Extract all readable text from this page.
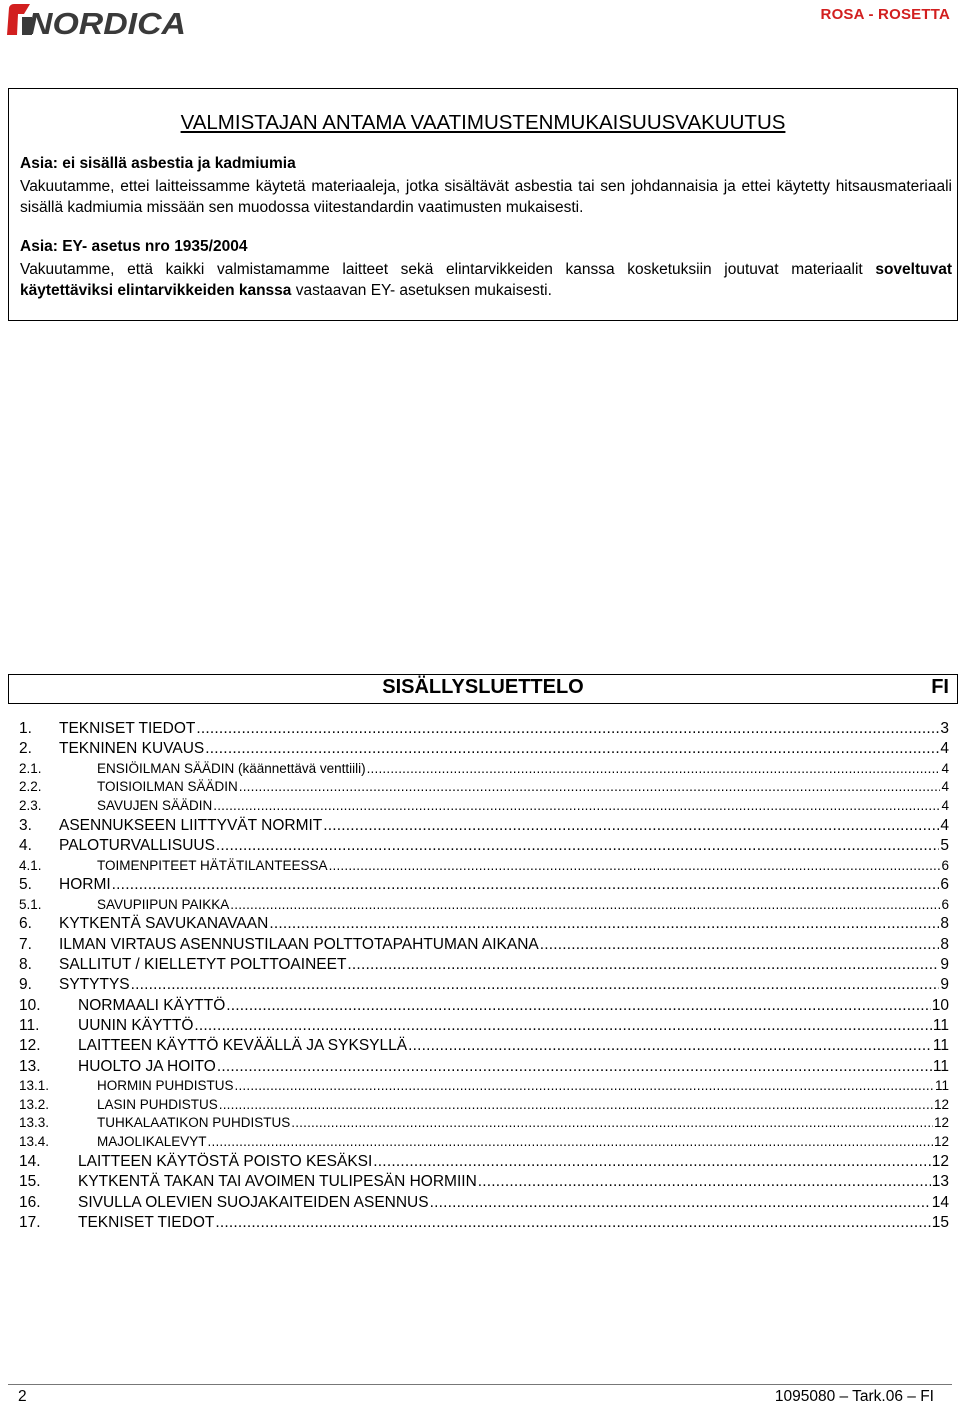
NORDICA	ROSA - ROSETTA
VALMISTAJAN ANTAMA VAATIMUSTENMUKAISUUSVAKUUTUS
Asia: ei sisällä asbestia ja kadmiumia
Vakuutamme, ettei laitteissamme käytetä materiaaleja, jotka sisältävät asbestia tai sen johdannaisia ja ettei käytetty hitsausmateriaali sisällä kadmiumia missään sen muodossa viitestandardin vaatimusten mukaisesti.
Asia: EY- asetus nro 1935/2004
Vakuutamme, että kaikki valmistamamme laitteet sekä elintarvikkeiden kanssa kosketuksiin joutuvat materiaalit soveltuvat käytettäviksi elintarvikkeiden kanssa vastaavan EY- asetuksen mukaisesti.
SISÄLLYSLUETTELO	FI
1.	TEKNISET TIEDOT .....	3
2.	TEKNINEN KUVAUS .....	4
2.1.	ENSIÖILMAN SÄÄDIN (käännettävä venttiili) .....	4
2.2.	TOISIOILMAN SÄÄDIN .....	4
2.3.	SAVUJEN SÄÄDIN .....	4
3.	ASENNUKSEEN LIITTYVÄT NORMIT .....	4
4.	PALOTURVALLISUUS .....	5
4.1.	TOIMENPITEET HÄTÄTILANTEESSA .....	6
5.	HORMI .....	6
5.1.	SAVUPIIPUN PAIKKA .....	6
6.	KYTKENTÄ SAVUKANAVAAN .....	8
7.	ILMAN VIRTAUS ASENNUSTILAAN POLTTOTAPAHTUMAN AIKANA .....	8
8.	SALLITUT / KIELLETYT POLTTOAINEET .....	9
9.	SYTYTYS .....	9
10.	NORMAALI KÄYTTÖ .....	10
11.	UUNIN KÄYTTÖ .....	11
12.	LAITTEEN KÄYTTÖ KEVÄÄLLÄ JA SYKSYLLÄ .....	11
13.	HUOLTO JA HOITO .....	11
13.1.	HORMIN PUHDISTUS .....	11
13.2.	LASIN PUHDISTUS .....	12
13.3.	TUHKALAATIKON PUHDISTUS .....	12
13.4.	MAJOLIKALEVYT .....	12
14.	LAITTEEN KÄYTÖSTÄ POISTO KESÄKSI .....	12
15.	KYTKENTÄ TAKAN TAI AVOIMEN TULIPESÄN HORMIIN .....	13
16.	SIVULLA OLEVIEN SUOJAKAITEIDEN ASENNUS .....	14
17.	TEKNISET TIEDOT .....	15
2	1095080 – Tark.06 – FI
